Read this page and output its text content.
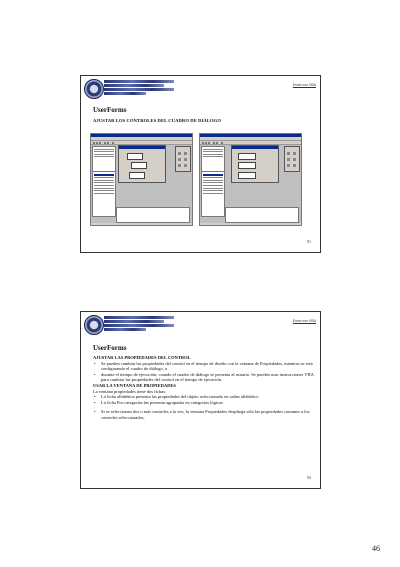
Excel con VBA
UserForms
AJUSTAR LOS CONTROLES DEL CUADRO DE DIÁLOGO
91
Excel con VBA
UserForms
AJUSTAR LAS PROPIEDADES DEL CONTROL
• Se pueden cambiar las propiedades del control en el tiempo de diseño con la ventana de Propiedades, mientras se está configurando el cuadro de diálogo, o
• durante el tiempo de ejecución, cuando el cuadro de diálogo se presenta al usuario. Se pueden usar instrucciones VBA para cambiar las propiedades del control en el tiempo de ejecución.
USAR LA VENTANA DE PROPIEDADES
La ventana propiedades tiene dos fichas:
• La ficha alfabética presenta las propiedades del objeto seleccionado en orden alfabético
• La ficha Por categorías las presenta agrupadas en categorías lógicas
• Si se seleccionan dos o más controles a la vez, la ventana Propiedades despliega sólo las propiedades comunes a los controles seleccionados.
92
46
